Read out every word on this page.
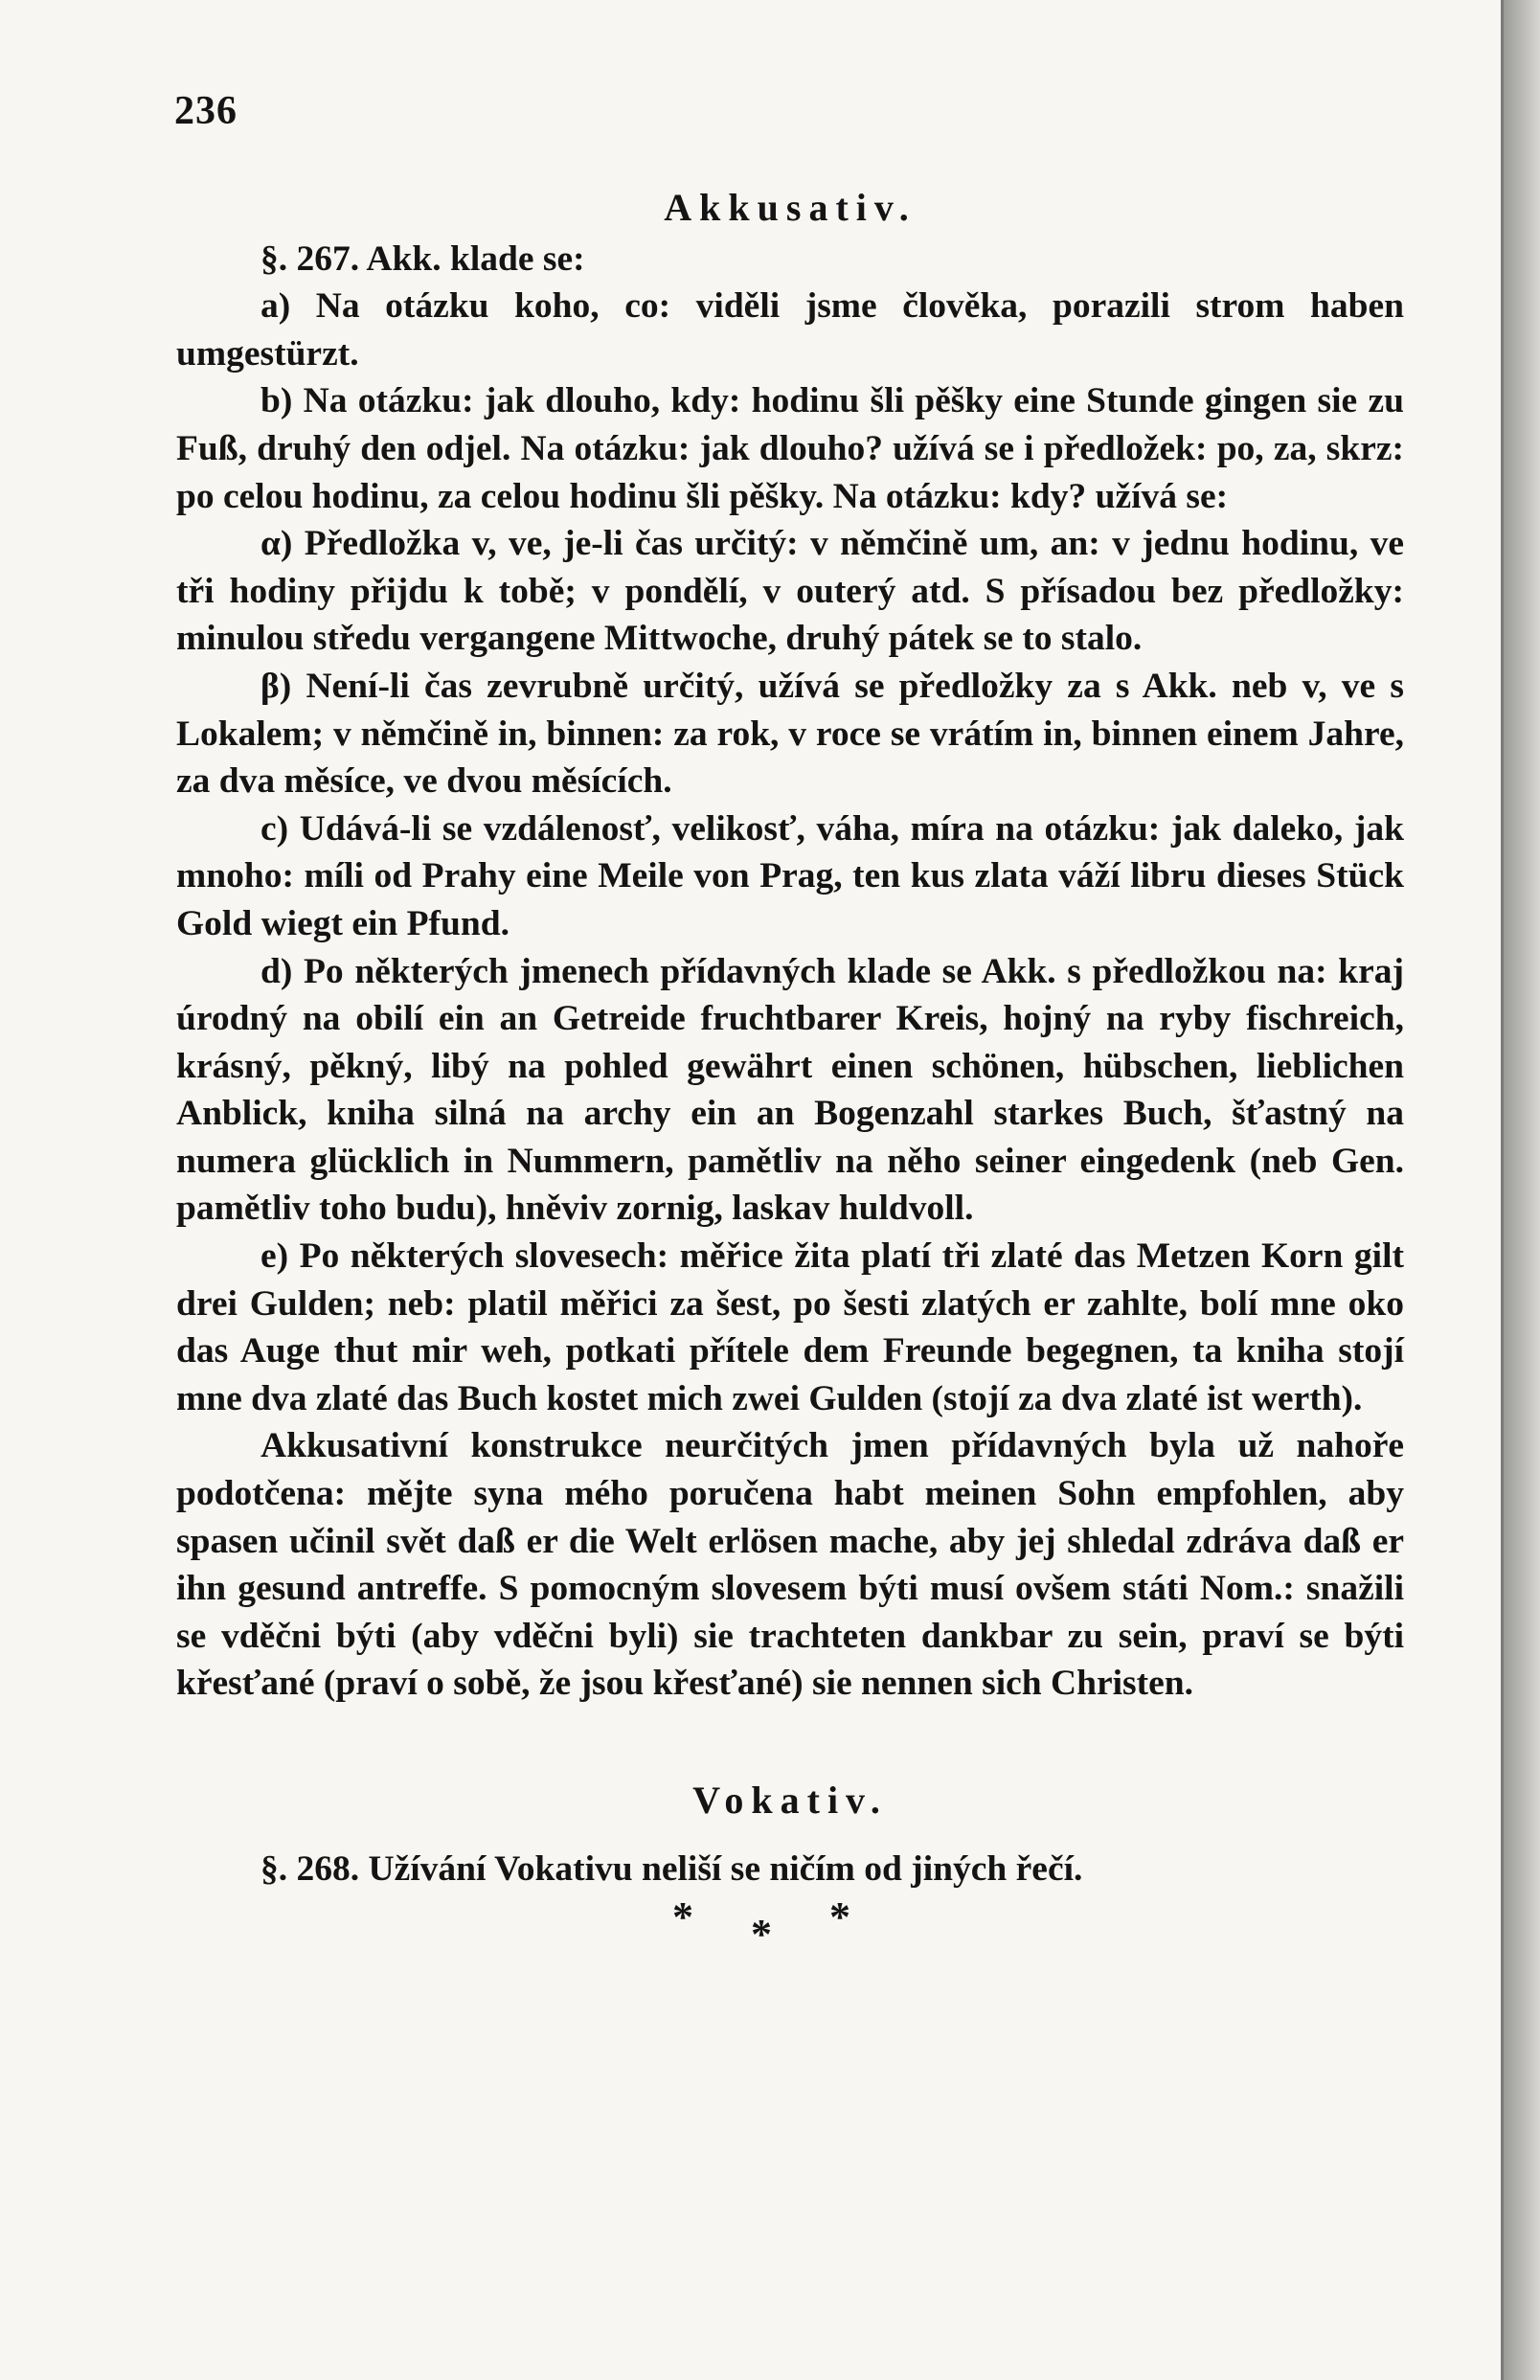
236

Akkusativ.

§. 267. Akk. klade se:

a) Na otázku koho, co: viděli jsme člověka, porazili strom haben umgestürzt.

b) Na otázku: jak dlouho, kdy: hodinu šli pěšky eine Stunde gingen sie zu Fuß, druhý den odjel. Na otázku: jak dlouho? užívá se i předložek: po, za, skrz: po celou hodinu, za celou hodinu šli pěšky. Na otázku: kdy? užívá se:

α) Předložka v, ve, je-li čas určitý: v němčině um, an: v jednu hodinu, ve tři hodiny přijdu k tobě; v pondělí, v outerý atd. S přísadou bez předložky: minulou středu vergangene Mittwoche, druhý pátek se to stalo.

β) Není-li čas zevrubně určitý, užívá se předložky za s Akk. neb v, ve s Lokalem; v němčině in, binnen: za rok, v roce se vrátím in, binnen einem Jahre, za dva měsíce, ve dvou měsících.

c) Udává-li se vzdálenosť, velikosť, váha, míra na otázku: jak daleko, jak mnoho: míli od Prahy eine Meile von Prag, ten kus zlata váží libru dieses Stück Gold wiegt ein Pfund.

d) Po některých jmenech přídavných klade se Akk. s předložkou na: kraj úrodný na obilí ein an Getreide fruchtbarer Kreis, hojný na ryby fischreich, krásný, pěkný, libý na pohled gewährt einen schönen, hübschen, lieblichen Anblick, kniha silná na archy ein an Bogenzahl starkes Buch, šťastný na numera glücklich in Nummern, pamětliv na něho seiner eingedenk (neb Gen. pamětliv toho budu), hněviv zornig, laskav huldvoll.

e) Po některých slovesech: měřice žita platí tři zlaté das Metzen Korn gilt drei Gulden; neb: platil měřici za šest, po šesti zlatých er zahlte, bolí mne oko das Auge thut mir weh, potkati přítele dem Freunde begegnen, ta kniha stojí mne dva zlaté das Buch kostet mich zwei Gulden (stojí za dva zlaté ist werth).

Akkusativní konstrukce neurčitých jmen přídavných byla už nahoře podotčena: mějte syna mého poručena habt meinen Sohn empfohlen, aby spasen učinil svět daß er die Welt erlösen mache, aby jej shledal zdráva daß er ihn gesund antreffe. S pomocným slovesem býti musí ovšem státi Nom.: snažili se vděčni býti (aby vděčni byli) sie trachteten dankbar zu sein, praví se býti křesťané (praví o sobě, že jsou křesťané) sie nennen sich Christen.

Vokativ.

§. 268. Užívání Vokativu neliší se ničím od jiných řečí.

***
